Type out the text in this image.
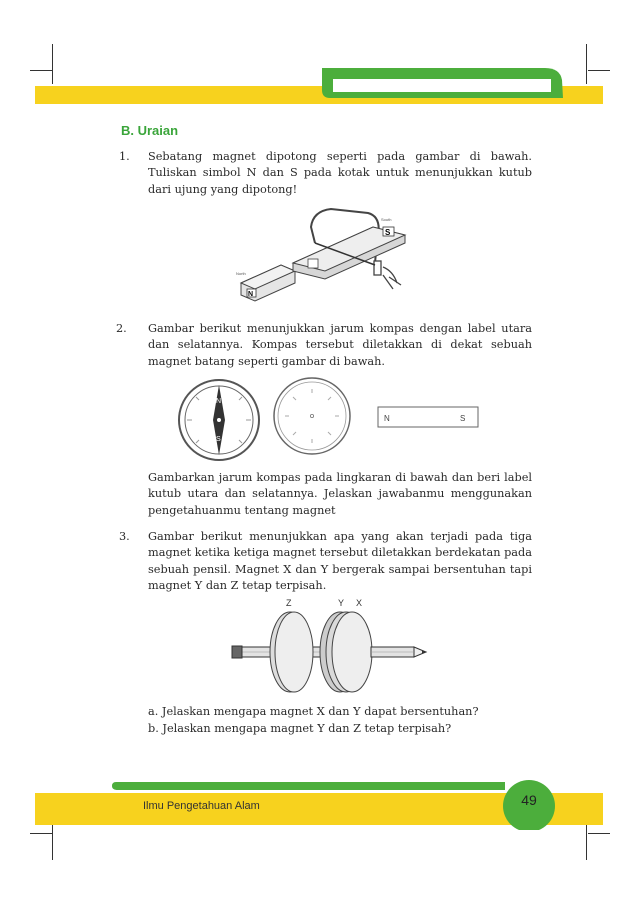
B. Uraian
1. Sebatang magnet dipotong seperti pada gambar di bawah. Tuliskan simbol N dan S pada kotak untuk menunjukkan kutub dari ujung yang dipotong!
N
North
S
South
2. Gambar berikut menunjukkan jarum kompas dengan label utara dan selatannya. Kompas tersebut diletakkan di dekat sebuah magnet batang seperti gambar di bawah.
N
S
N	S
Gambarkan jarum kompas pada lingkaran di bawah dan beri label kutub utara dan selatannya. Jelaskan jawabanmu menggunakan pengetahuanmu tentang magnet
3. Gambar berikut menunjukkan apa yang akan terjadi pada tiga magnet ketika ketiga magnet tersebut diletakkan berdekatan pada sebuah pensil. Magnet X dan Y bergerak sampai bersentuhan tapi magnet Y dan Z tetap terpisah.
Z	Y X
a. Jelaskan mengapa magnet X dan Y dapat bersentuhan?
b. Jelaskan mengapa magnet Y dan Z tetap terpisah?
Ilmu Pengetahuan Alam	49
